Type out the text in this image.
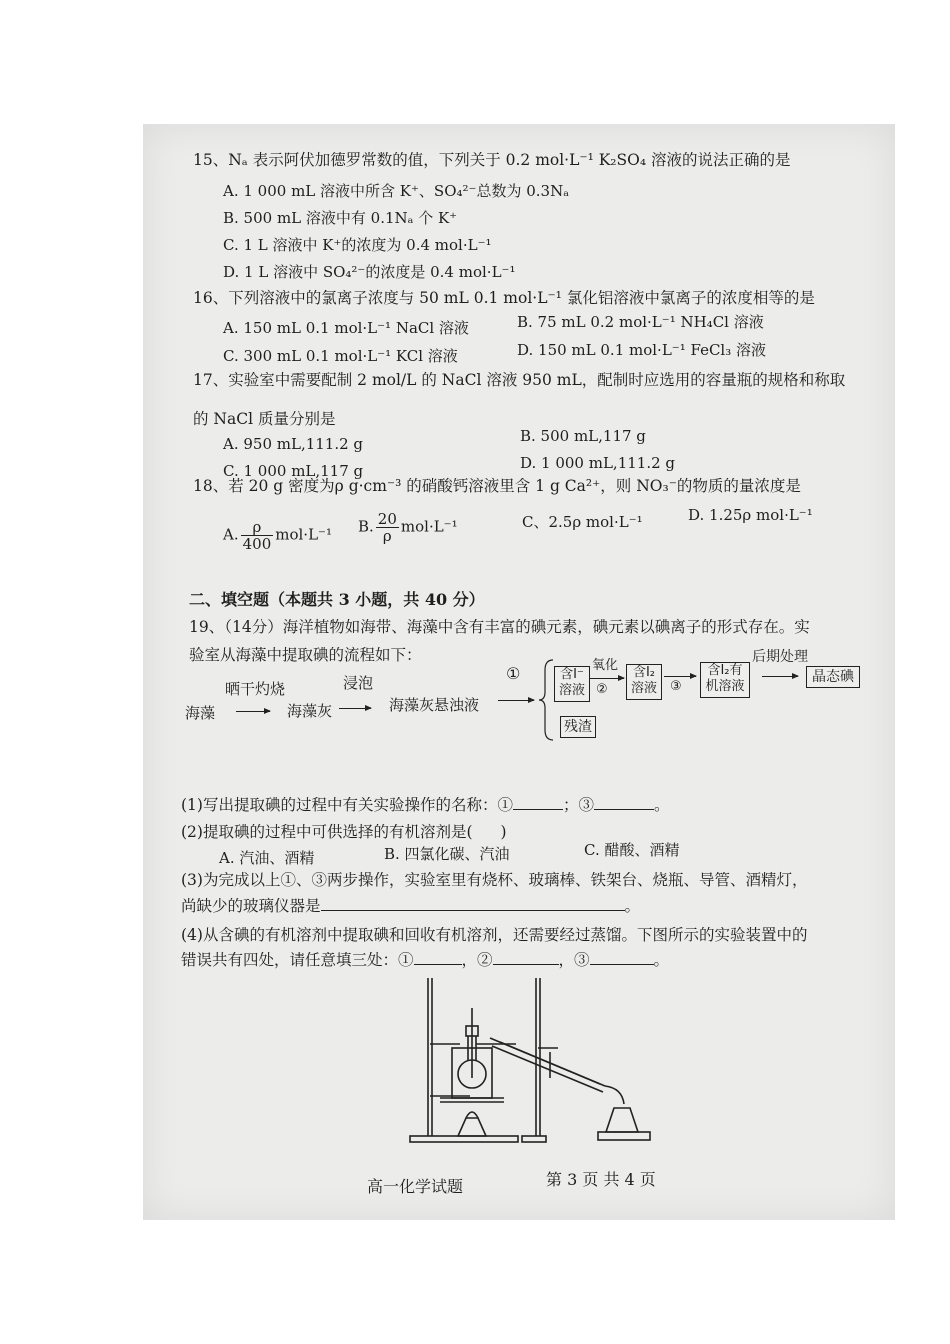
15、Nₐ 表示阿伏加德罗常数的值，下列关于 0.2 mol·L⁻¹ K₂SO₄ 溶液的说法正确的是
A. 1 000 mL 溶液中所含 K⁺、SO₄²⁻总数为 0.3Nₐ
B. 500 mL 溶液中有 0.1Nₐ 个 K⁺
C. 1 L 溶液中 K⁺的浓度为 0.4 mol·L⁻¹
D. 1 L 溶液中 SO₄²⁻的浓度是 0.4 mol·L⁻¹
16、下列溶液中的氯离子浓度与 50 mL 0.1 mol·L⁻¹ 氯化铝溶液中氯离子的浓度相等的是
A. 150 mL 0.1 mol·L⁻¹ NaCl 溶液	B. 75 mL 0.2 mol·L⁻¹ NH₄Cl 溶液
C. 300 mL 0.1 mol·L⁻¹ KCl 溶液	D. 150 mL 0.1 mol·L⁻¹ FeCl₃ 溶液
17、实验室中需要配制 2 mol/L 的 NaCl 溶液 950 mL，配制时应选用的容量瓶的规格和称取
的 NaCl 质量分别是
A. 950 mL,111.2 g	B. 500 mL,117 g
C. 1 000 mL,117 g	D. 1 000 mL,111.2 g
18、若 20 g 密度为ρ g·cm⁻³ 的硝酸钙溶液里含 1 g Ca²⁺，则 NO₃⁻的物质的量浓度是
A. $\frac{\rho}{400} mol\cdot L^{-1}$ B. $\frac{20}{\rho} mol\cdot L^{-1}$	C、2.5ρ mol·L⁻¹	D. 1.25ρ mol·L⁻¹
二、填空题（本题共 3 小题，共 40 分）
19、（14分）海洋植物如海带、海藻中含有丰富的碘元素，碘元素以碘离子的形式存在。实
验室从海藻中提取碘的流程如下：
晒干灼烧	浸泡
海藻	海藻灰	海藻灰悬浊液
①	含I⁻
溶液
氧化
②
含I₂
溶液	③
含I₂有
机溶液
后期处理
晶态碘
残渣
(1)写出提取碘的过程中有关实验操作的名称：①	；③	。
(2)提取碘的过程中可供选择的有机溶剂是( )
A. 汽油、酒精	B. 四氯化碳、汽油	C. 醋酸、酒精
(3)为完成以上①、③两步操作，实验室里有烧杯、玻璃棒、铁架台、烧瓶、导管、酒精灯，
尚缺少的玻璃仪器是	。
(4)从含碘的有机溶剂中提取碘和回收有机溶剂，还需要经过蒸馏。下图所示的实验装置中的
错误共有四处，请任意填三处：①	，②	，③	。
高一化学试题	第 3 页 共 4 页
